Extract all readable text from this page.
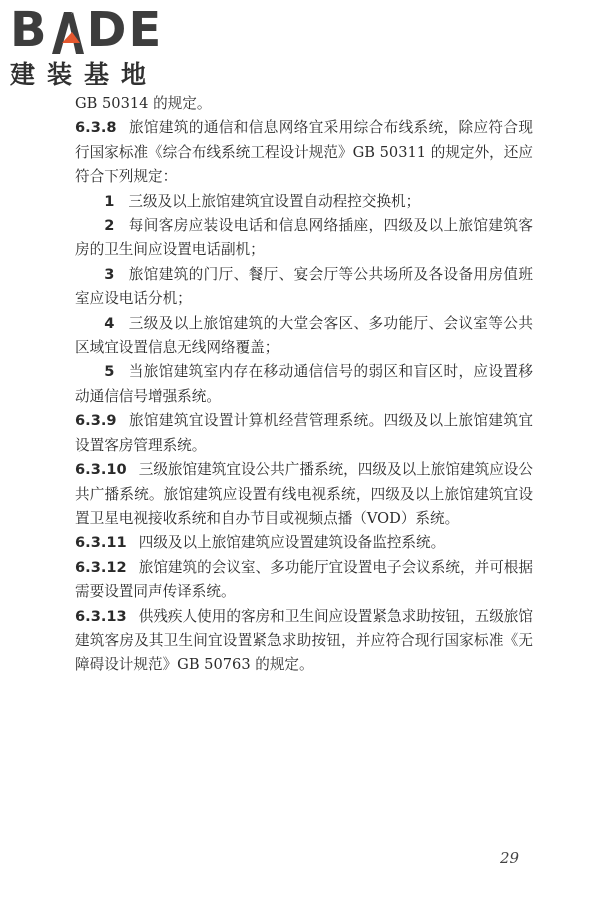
B DE
建装基地

GB 50314 的规定。

6.3.8 旅馆建筑的通信和信息网络宜采用综合布线系统，除应符合现行国家标准《综合布线系统工程设计规范》GB 50311 的规定外，还应符合下列规定：

1 三级及以上旅馆建筑宜设置自动程控交换机；

2 每间客房应装设电话和信息网络插座，四级及以上旅馆建筑客房的卫生间应设置电话副机；

3 旅馆建筑的门厅、餐厅、宴会厅等公共场所及各设备用房值班室应设电话分机；

4 三级及以上旅馆建筑的大堂会客区、多功能厅、会议室等公共区域宜设置信息无线网络覆盖；

5 当旅馆建筑室内存在移动通信信号的弱区和盲区时，应设置移动通信信号增强系统。

6.3.9 旅馆建筑宜设置计算机经营管理系统。四级及以上旅馆建筑宜设置客房管理系统。

6.3.10 三级旅馆建筑宜设公共广播系统，四级及以上旅馆建筑应设公共广播系统。旅馆建筑应设置有线电视系统，四级及以上旅馆建筑宜设置卫星电视接收系统和自办节目或视频点播（VOD）系统。

6.3.11 四级及以上旅馆建筑应设置建筑设备监控系统。

6.3.12 旅馆建筑的会议室、多功能厅宜设置电子会议系统，并可根据需要设置同声传译系统。

6.3.13 供残疾人使用的客房和卫生间应设置紧急求助按钮，五级旅馆建筑客房及其卫生间宜设置紧急求助按钮，并应符合现行国家标准《无障碍设计规范》GB 50763 的规定。

29
